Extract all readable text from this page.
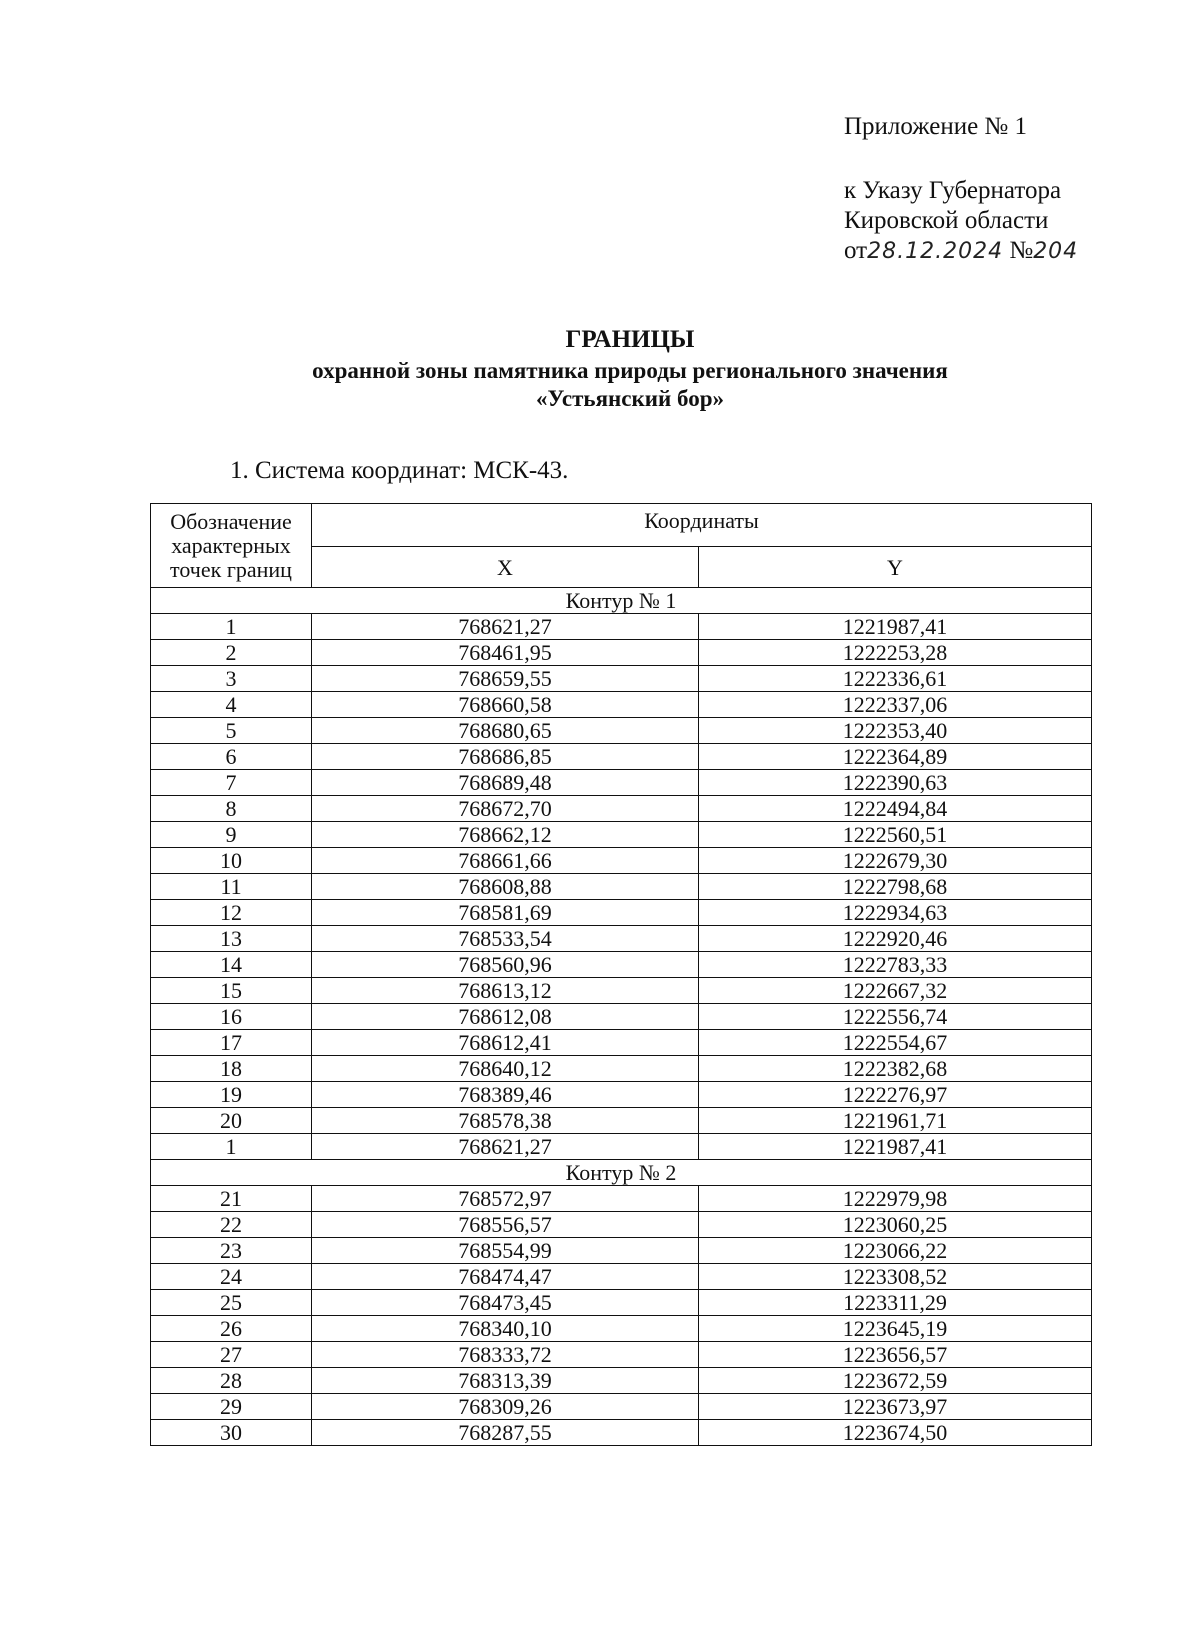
Приложение № 1
к Указу Губернатора
Кировской области
от28.12.2024 №204
ГРАНИЦЫ
охранной зоны памятника природы регионального значения
«Устьянский бор»
1. Система координат: МСК-43.
Обозначение характерных точек границ	Координаты	
	X	Y
Контур № 1		
1	768621,27	1221987,41
2	768461,95	1222253,28
3	768659,55	1222336,61
4	768660,58	1222337,06
5	768680,65	1222353,40
6	768686,85	1222364,89
7	768689,48	1222390,63
8	768672,70	1222494,84
9	768662,12	1222560,51
10	768661,66	1222679,30
11	768608,88	1222798,68
12	768581,69	1222934,63
13	768533,54	1222920,46
14	768560,96	1222783,33
15	768613,12	1222667,32
16	768612,08	1222556,74
17	768612,41	1222554,67
18	768640,12	1222382,68
19	768389,46	1222276,97
20	768578,38	1221961,71
1	768621,27	1221987,41
Контур № 2		
21	768572,97	1222979,98
22	768556,57	1223060,25
23	768554,99	1223066,22
24	768474,47	1223308,52
25	768473,45	1223311,29
26	768340,10	1223645,19
27	768333,72	1223656,57
28	768313,39	1223672,59
29	768309,26	1223673,97
30	768287,55	1223674,50
